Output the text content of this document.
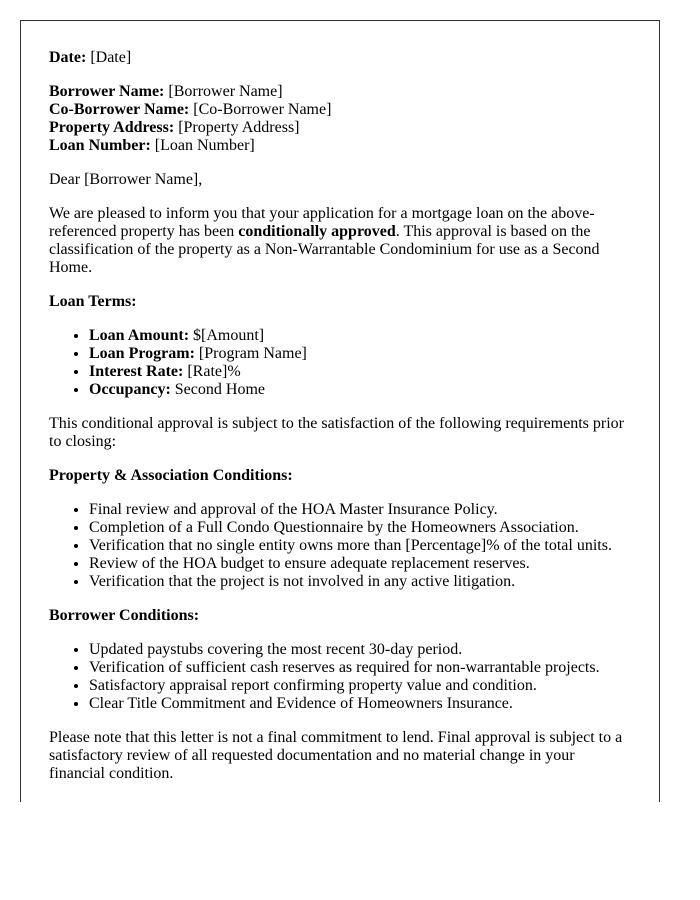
Date: [Date]

Borrower Name: [Borrower Name]
Co-Borrower Name: [Co-Borrower Name]
Property Address: [Property Address]
Loan Number: [Loan Number]

Dear [Borrower Name],

We are pleased to inform you that your application for a mortgage loan on the above-referenced property has been conditionally approved. This approval is based on the classification of the property as a Non-Warrantable Condominium for use as a Second Home.

Loan Terms:
• Loan Amount: $[Amount]
• Loan Program: [Program Name]
• Interest Rate: [Rate]%
• Occupancy: Second Home

This conditional approval is subject to the satisfaction of the following requirements prior to closing:

Property & Association Conditions:
• Final review and approval of the HOA Master Insurance Policy.
• Completion of a Full Condo Questionnaire by the Homeowners Association.
• Verification that no single entity owns more than [Percentage]% of the total units.
• Review of the HOA budget to ensure adequate replacement reserves.
• Verification that the project is not involved in any active litigation.
Borrower Conditions:
• Updated paystubs covering the most recent 30-day period.
• Verification of sufficient cash reserves as required for non-warrantable projects.
• Satisfactory appraisal report confirming property value and condition.
• Clear Title Commitment and Evidence of Homeowners Insurance.

Please note that this letter is not a final commitment to lend. Final approval is subject to a satisfactory review of all requested documentation and no material change in your financial condition.
